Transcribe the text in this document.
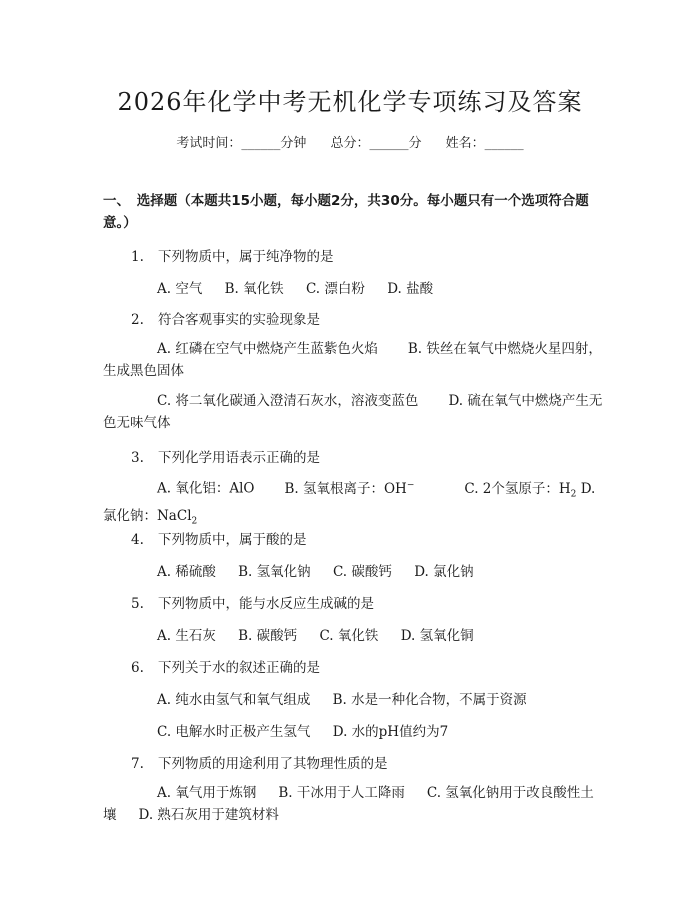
2026年化学中考无机化学专项练习及答案
考试时间：______分钟 总分：______分 姓名：______
一、　选择题（本题共15小题，每小题2分，共30分。每小题只有一个选项符合题意。）
1. 下列物质中，属于纯净物的是
A. 空气 B. 氧化铁 C. 漂白粉 D. 盐酸
2. 符合客观事实的实验现象是
A. 红磷在空气中燃烧产生蓝紫色火焰 B. 铁丝在氧气中燃烧火星四射，生成黑色固体
C. 将二氧化碳通入澄清石灰水，溶液变蓝色 D. 硫在氧气中燃烧产生无色无味气体
3. 下列化学用语表示正确的是
A. 氧化铝：AlO B. 氢氧根离子：OH−	C. 2个氢原子：$H_2$ D. 氯化钠：NaCl$_2$
4. 下列物质中，属于酸的是
A. 稀硫酸 B. 氢氧化钠 C. 碳酸钙 D. 氯化钠
5. 下列物质中，能与水反应生成碱的是
A. 生石灰 B. 碳酸钙 C. 氧化铁 D. 氢氧化铜
6. 下列关于水的叙述正确的是
A. 纯水由氢气和氧气组成 B. 水是一种化合物，不属于资源
C. 电解水时正极产生氢气 D. 水的pH值约为7
7. 下列物质的用途利用了其物理性质的是
A. 氧气用于炼钢 B. 干冰用于人工降雨 C. 氢氧化钠用于改良酸性土壤 D. 熟石灰用于建筑材料
